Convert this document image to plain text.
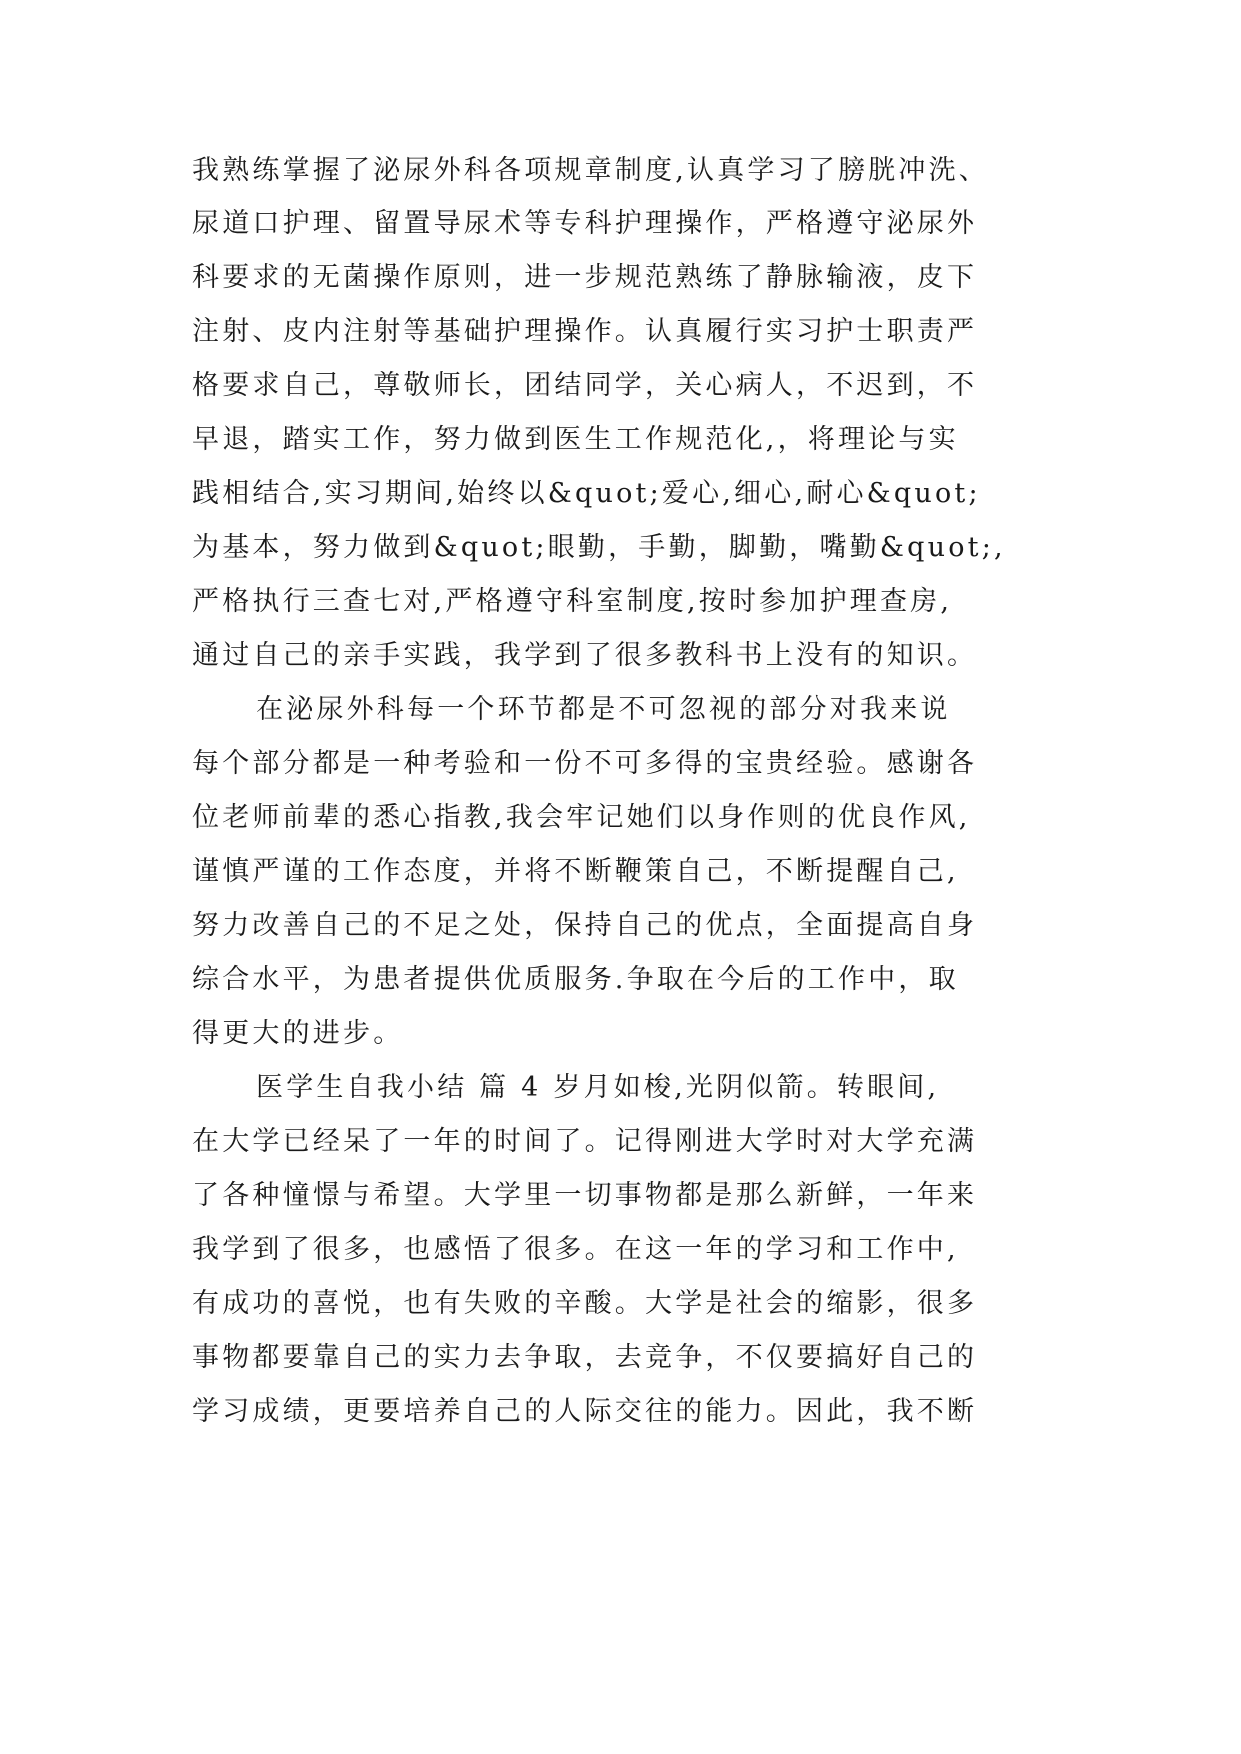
我熟练掌握了泌尿外科各项规章制度,认真学习了膀胱冲洗、
尿道口护理、留置导尿术等专科护理操作，严格遵守泌尿外
科要求的无菌操作原则，进一步规范熟练了静脉输液，皮下
注射、皮内注射等基础护理操作。认真履行实习护士职责严
格要求自己，尊敬师长，团结同学，关心病人，不迟到，不
早退，踏实工作，努力做到医生工作规范化,，将理论与实
践相结合,实习期间,始终以&quot;爱心,细心,耐心&quot;
为基本，努力做到&quot;眼勤，手勤，脚勤，嘴勤&quot;,
严格执行三查七对,严格遵守科室制度,按时参加护理查房,
通过自己的亲手实践，我学到了很多教科书上没有的知识。
在泌尿外科每一个环节都是不可忽视的部分对我来说
每个部分都是一种考验和一份不可多得的宝贵经验。感谢各
位老师前辈的悉心指教,我会牢记她们以身作则的优良作风,
谨慎严谨的工作态度，并将不断鞭策自己，不断提醒自己,
努力改善自己的不足之处，保持自己的优点，全面提高自身
综合水平，为患者提供优质服务.争取在今后的工作中，取
得更大的进步。
医学生自我小结 篇 4 岁月如梭,光阴似箭。转眼间,
在大学已经呆了一年的时间了。记得刚进大学时对大学充满
了各种憧憬与希望。大学里一切事物都是那么新鲜，一年来
我学到了很多，也感悟了很多。在这一年的学习和工作中,
有成功的喜悦，也有失败的辛酸。大学是社会的缩影，很多
事物都要靠自己的实力去争取，去竞争，不仅要搞好自己的
学习成绩，更要培养自己的人际交往的能力。因此，我不断
